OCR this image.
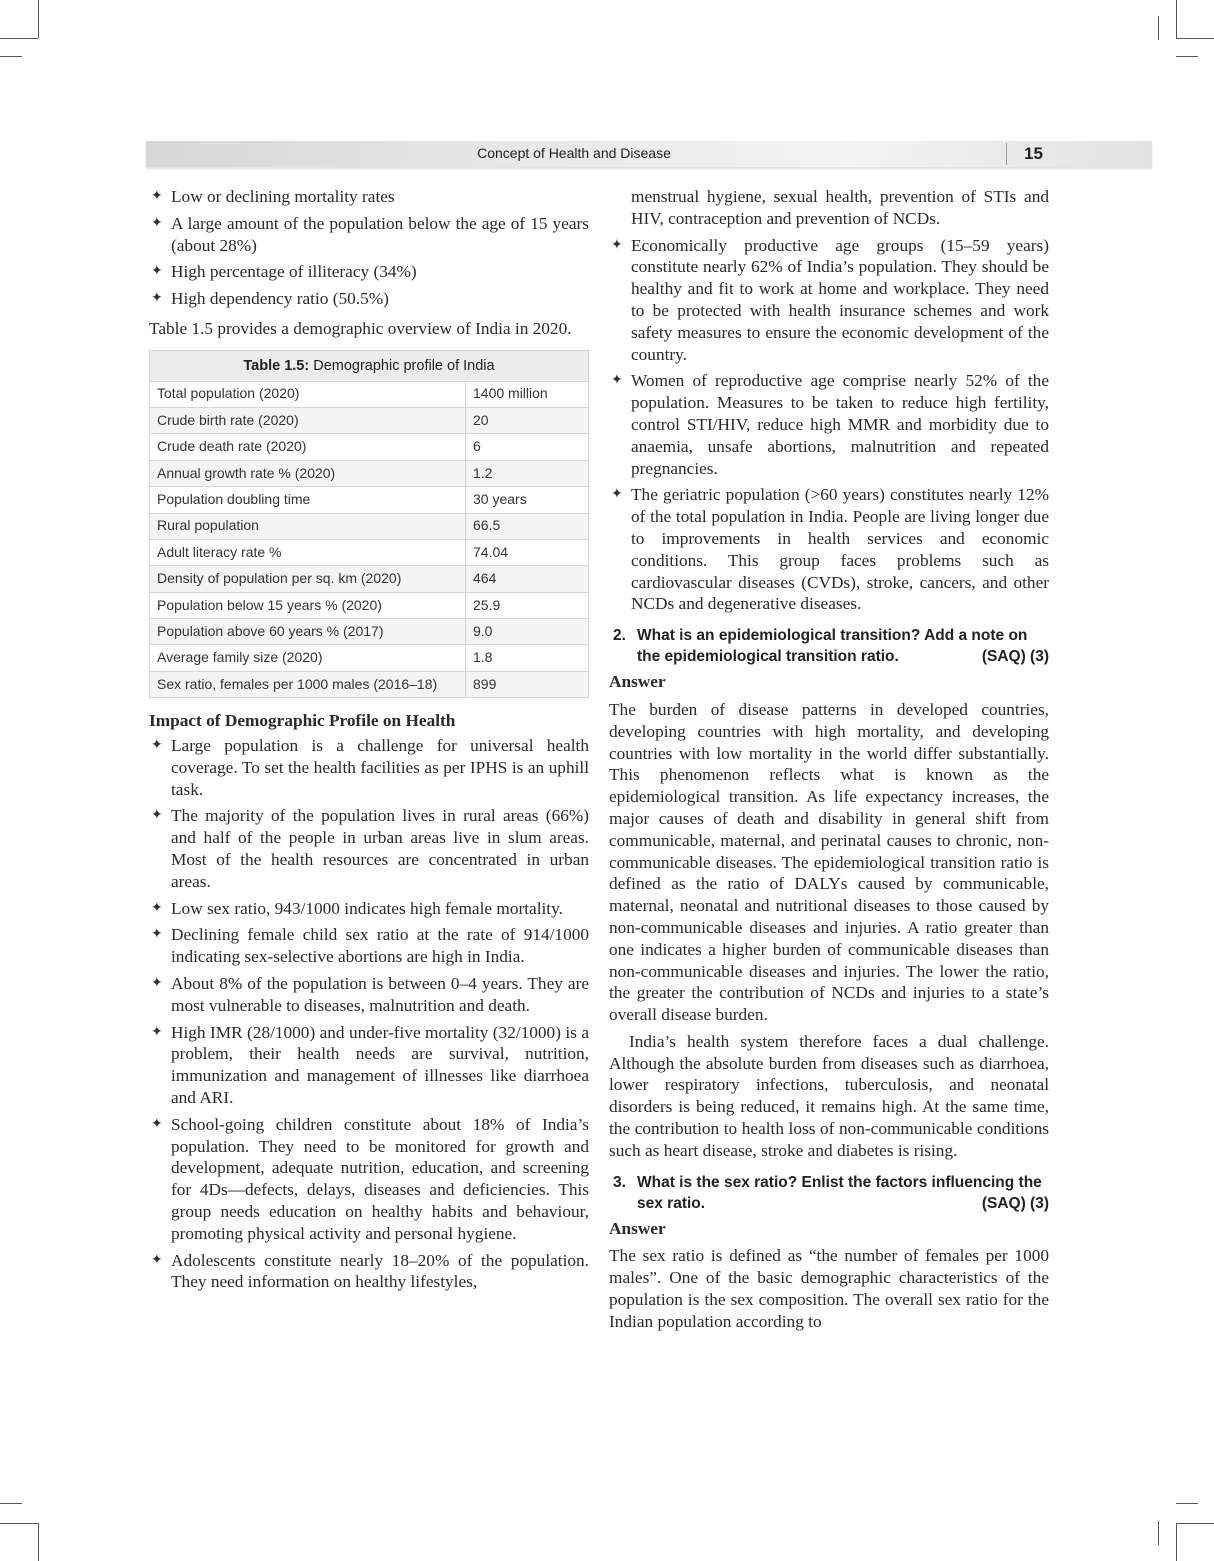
Concept of Health and Disease	15
✦ Low or declining mortality rates
✦ A large amount of the population below the age of 15 years (about 28%)
✦ High percentage of illiteracy (34%)
✦ High dependency ratio (50.5%)

Table 1.5 provides a demographic overview of India in 2020.

Table 1.5: Demographic profile of India
Total population (2020)	1400 million
Crude birth rate (2020)	20
Crude death rate (2020)	6
Annual growth rate % (2020)	1.2
Population doubling time	30 years
Rural population	66.5
Adult literacy rate %	74.04
Density of population per sq. km (2020)	464
Population below 15 years % (2020)	25.9
Population above 60 years % (2017)	9.0
Average family size (2020)	1.8
Sex ratio, females per 1000 males (2016–18)	899
Impact of Demographic Profile on Health
✦ Large population is a challenge for universal health coverage. To set the health facilities as per IPHS is an uphill task.
✦ The majority of the population lives in rural areas (66%) and half of the people in urban areas live in slum areas. Most of the health resources are concentrated in urban areas.
✦ Low sex ratio, 943/1000 indicates high female mortality.
✦ Declining female child sex ratio at the rate of 914/1000 indicating sex-selective abortions are high in India.
✦ About 8% of the population is between 0–4 years. They are most vulnerable to diseases, malnutrition and death.
✦ High IMR (28/1000) and under-five mortality (32/1000) is a problem, their health needs are survival, nutrition, immunization and management of illnesses like diarrhoea and ARI.
✦ School-going children constitute about 18% of India’s population. They need to be monitored for growth and development, adequate nutrition, education, and screening for 4Ds—defects, delays, diseases and deficiencies. This group needs education on healthy habits and behaviour, promoting physical activity and personal hygiene.
✦ Adolescents constitute nearly 18–20% of the population. They need information on healthy lifestyles,

menstrual hygiene, sexual health, prevention of STIs and HIV, contraception and prevention of NCDs.

✦ Economically productive age groups (15–59 years) constitute nearly 62% of India’s population. They should be healthy and fit to work at home and workplace. They need to be protected with health insurance schemes and work safety measures to ensure the economic development of the country.
✦ Women of reproductive age comprise nearly 52% of the population. Measures to be taken to reduce high fertility, control STI/HIV, reduce high MMR and morbidity due to anaemia, unsafe abortions, malnutrition and repeated pregnancies.
✦ The geriatric population (>60 years) constitutes nearly 12% of the total population in India. People are living longer due to improvements in health services and economic conditions. This group faces problems such as cardiovascular diseases (CVDs), stroke, cancers, and other NCDs and degenerative diseases.
2. What is an epidemiological transition? Add a note on the epidemiological transition ratio.	(SAQ) (3)
Answer

The burden of disease patterns in developed countries, developing countries with high mortality, and developing countries with low mortality in the world differ substantially. This phenomenon reflects what is known as the epidemiological transition. As life expectancy increases, the major causes of death and disability in general shift from communicable, maternal, and perinatal causes to chronic, non-communicable diseases. The epidemiological transition ratio is defined as the ratio of DALYs caused by communicable, maternal, neonatal and nutritional diseases to those caused by non-communicable diseases and injuries. A ratio greater than one indicates a higher burden of communicable diseases than non-communicable diseases and injuries. The lower the ratio, the greater the contribution of NCDs and injuries to a state’s overall disease burden.

India’s health system therefore faces a dual challenge. Although the absolute burden from diseases such as diarrhoea, lower respiratory infections, tuberculosis, and neonatal disorders is being reduced, it remains high. At the same time, the contribution to health loss of non-communicable conditions such as heart disease, stroke and diabetes is rising.

3. What is the sex ratio? Enlist the factors influencing the sex ratio.	(SAQ) (3)
Answer

The sex ratio is defined as “the number of females per 1000 males”. One of the basic demographic characteristics of the population is the sex composition. The overall sex ratio for the Indian population according to
